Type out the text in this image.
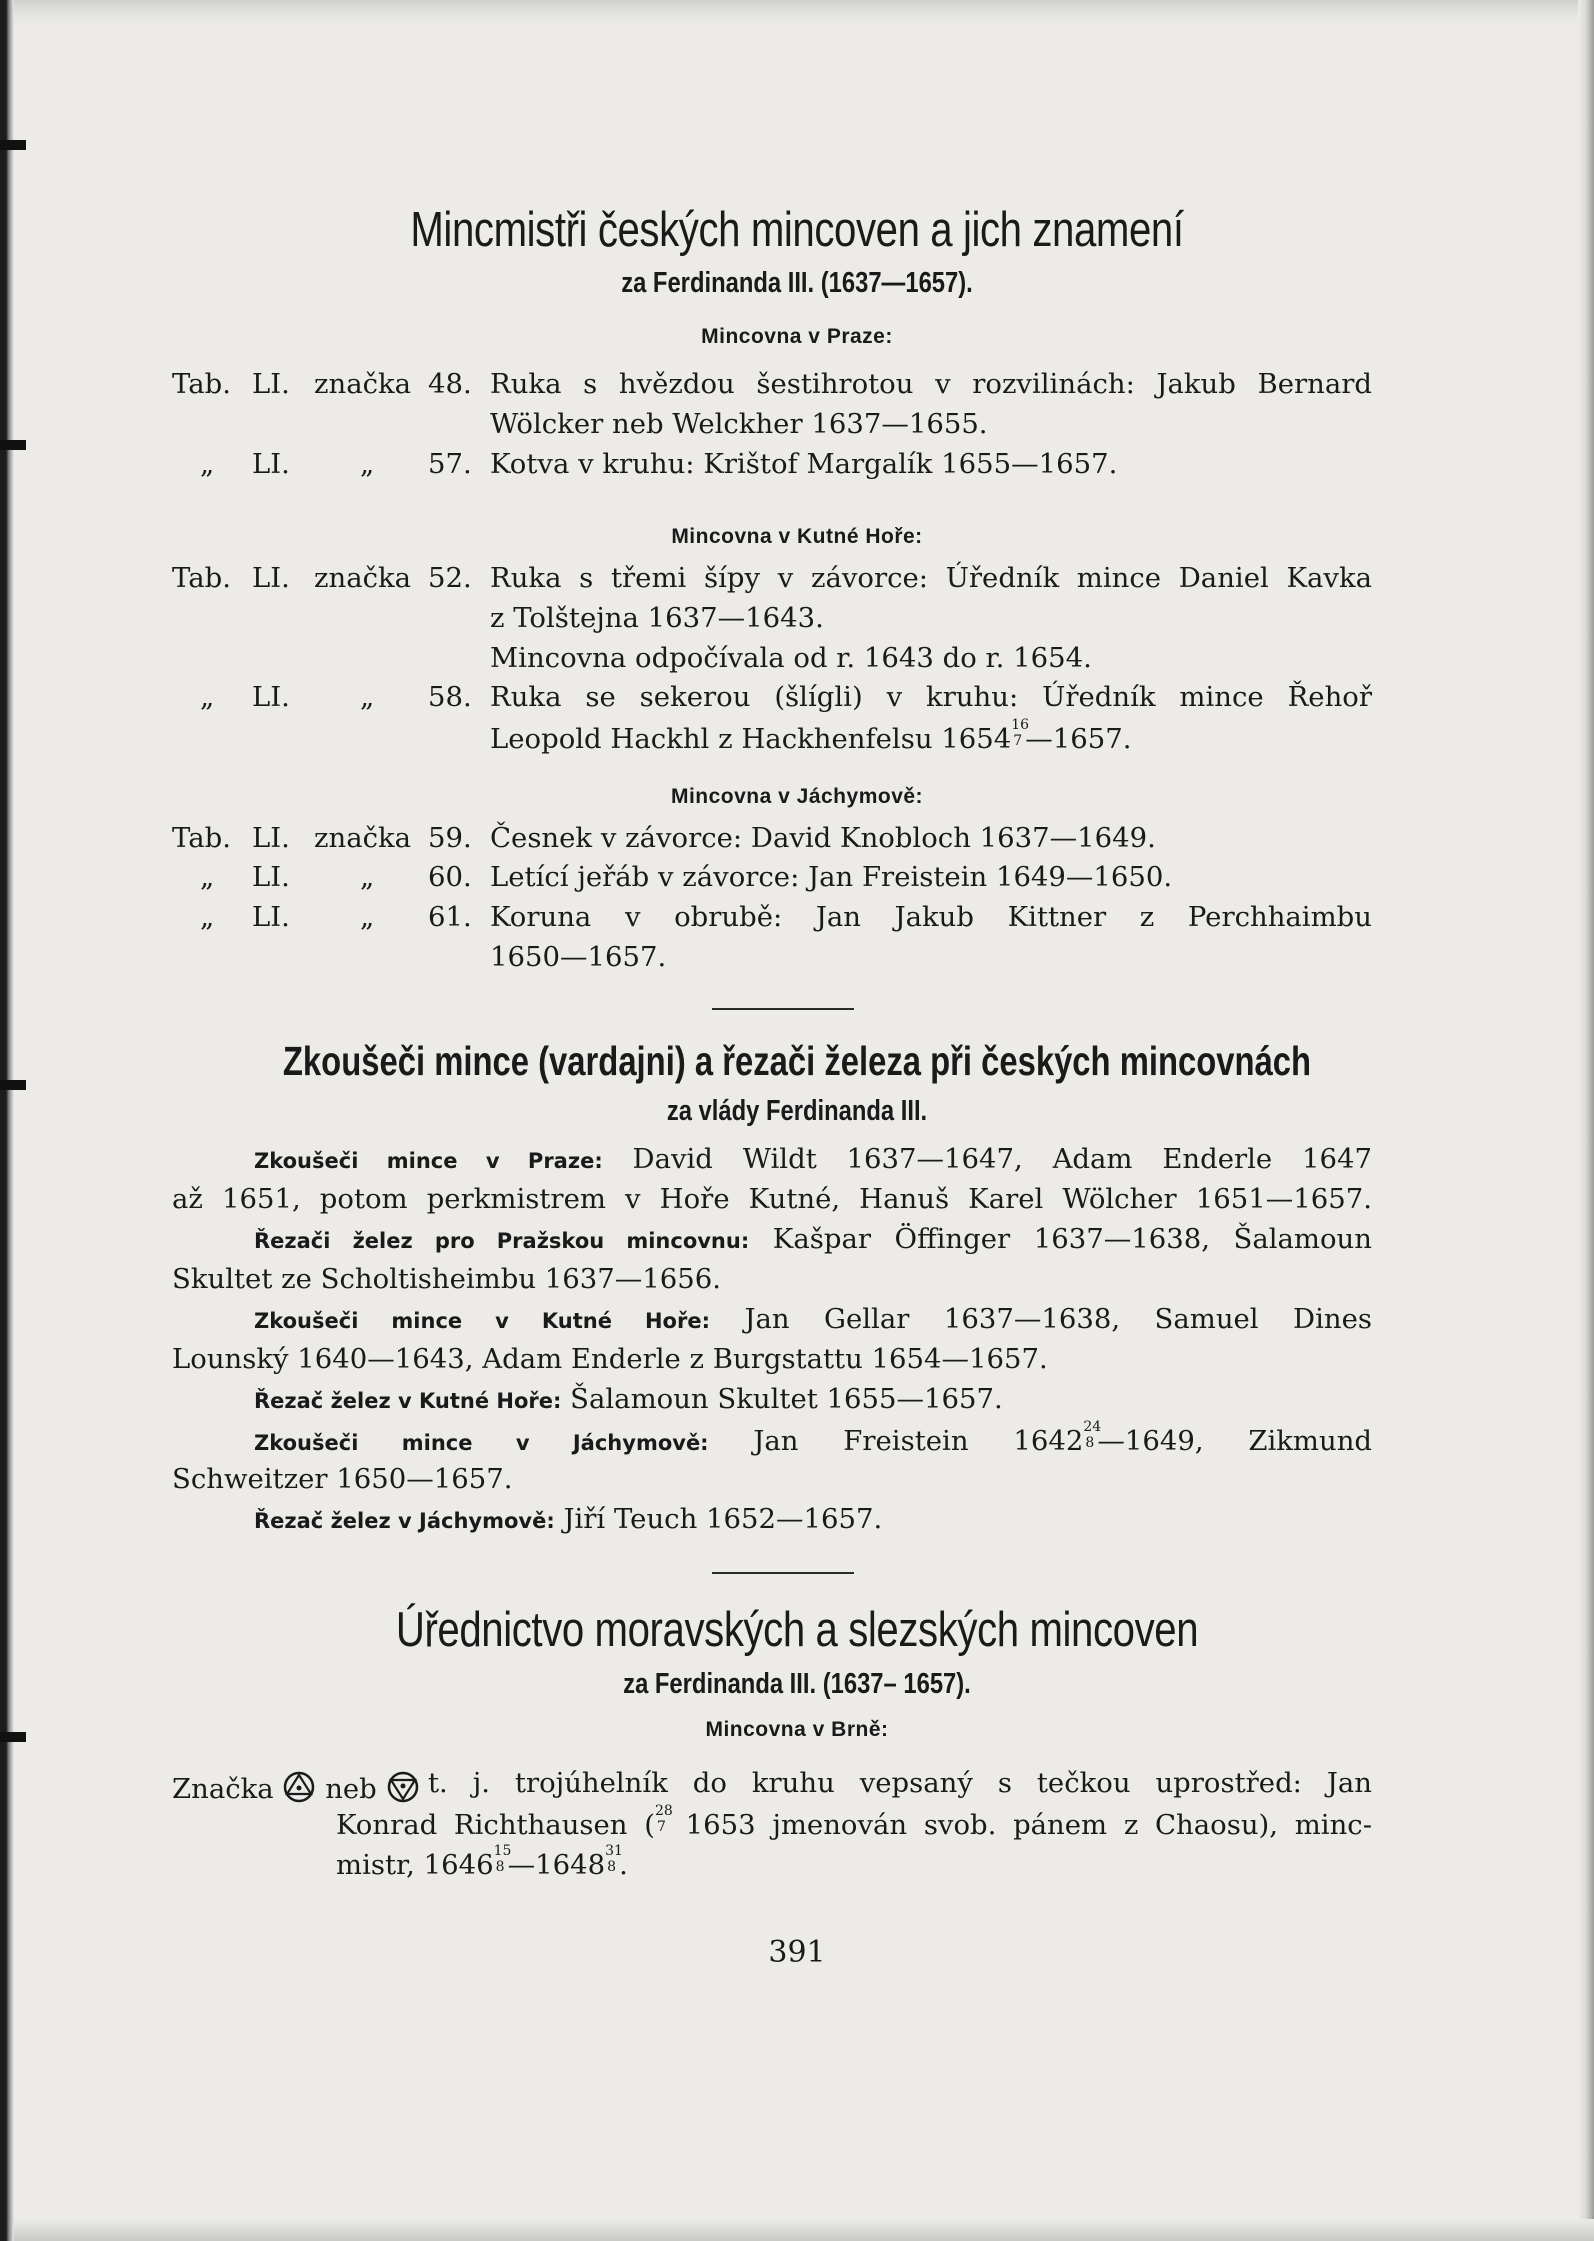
Mincmistři českých mincoven a jich znamení
za Ferdinanda III. (1637—1657).
Mincovna v Praze:
Tab. LI. značka 48. Ruka s hvězdou šestihrotou v rozvilinách: Jakub Bernard
Wölcker neb Welckher 1637—1655.
„	LI.	„ 57. Kotva v kruhu: Krištof Margalík 1655—1657.
Mincovna v Kutné Hoře:
Tab. LI. značka 52. Ruka s třemi šípy v závorce: Úředník mince Daniel Kavka
z Tolštejna 1637—1643.
Mincovna odpočívala od r. 1643 do r. 1654.
„	LI.	„ 58. Ruka se sekerou (šlígli) v kruhu: Úředník mince Řehoř
Leopold Hackhl z Hackhenfelsu 1654 16
7 —1657.
Mincovna v Jáchymově:
Tab. LI. značka 59. Česnek v závorce: David Knobloch 1637—1649.
„	LI.	„ 60. Letící jeřáb v závorce: Jan Freistein 1649—1650.
„	LI.	„ 61. Koruna v obrubě: Jan Jakub Kittner z Perchhaimbu
1650—1657.
Zkoušeči mince (vardajni) a řezači železa při českých mincovnách
za vlády Ferdinanda III.
Zkoušeči mince v Praze: David Wildt 1637—1647, Adam Enderle 1647
až 1651, potom perkmistrem v Hoře Kutné, Hanuš Karel Wölcher 1651—1657.
Řezači želez pro Pražskou mincovnu: Kašpar Öffinger 1637—1638, Šalamoun
Skultet ze Scholtisheimbu 1637—1656.
Zkoušeči mince v Kutné Hoře: Jan Gellar 1637—1638, Samuel Dines
Lounský 1640—1643, Adam Enderle z Burgstattu 1654—1657.
Řezač želez v Kutné Hoře: Šalamoun Skultet 1655—1657.
Zkoušeči mince v Jáchymově: Jan Freistein 1642 24
8 —1649, Zikmund
Schweitzer 1650—1657.
Řezač želez v Jáchymově: Jiří Teuch 1652—1657.
Úřednictvo moravských a slezských mincoven
za Ferdinanda III. (1637– 1657).
Mincovna v Brně:
Značka neb	t. j. trojúhelník do kruhu vepsaný s tečkou uprostřed: Jan
Konrad Richthausen ( 28
7 1653 jmenován svob. pánem z Chaosu), minc-
mistr, 1646 15
8 —1648 31
8 .
391
